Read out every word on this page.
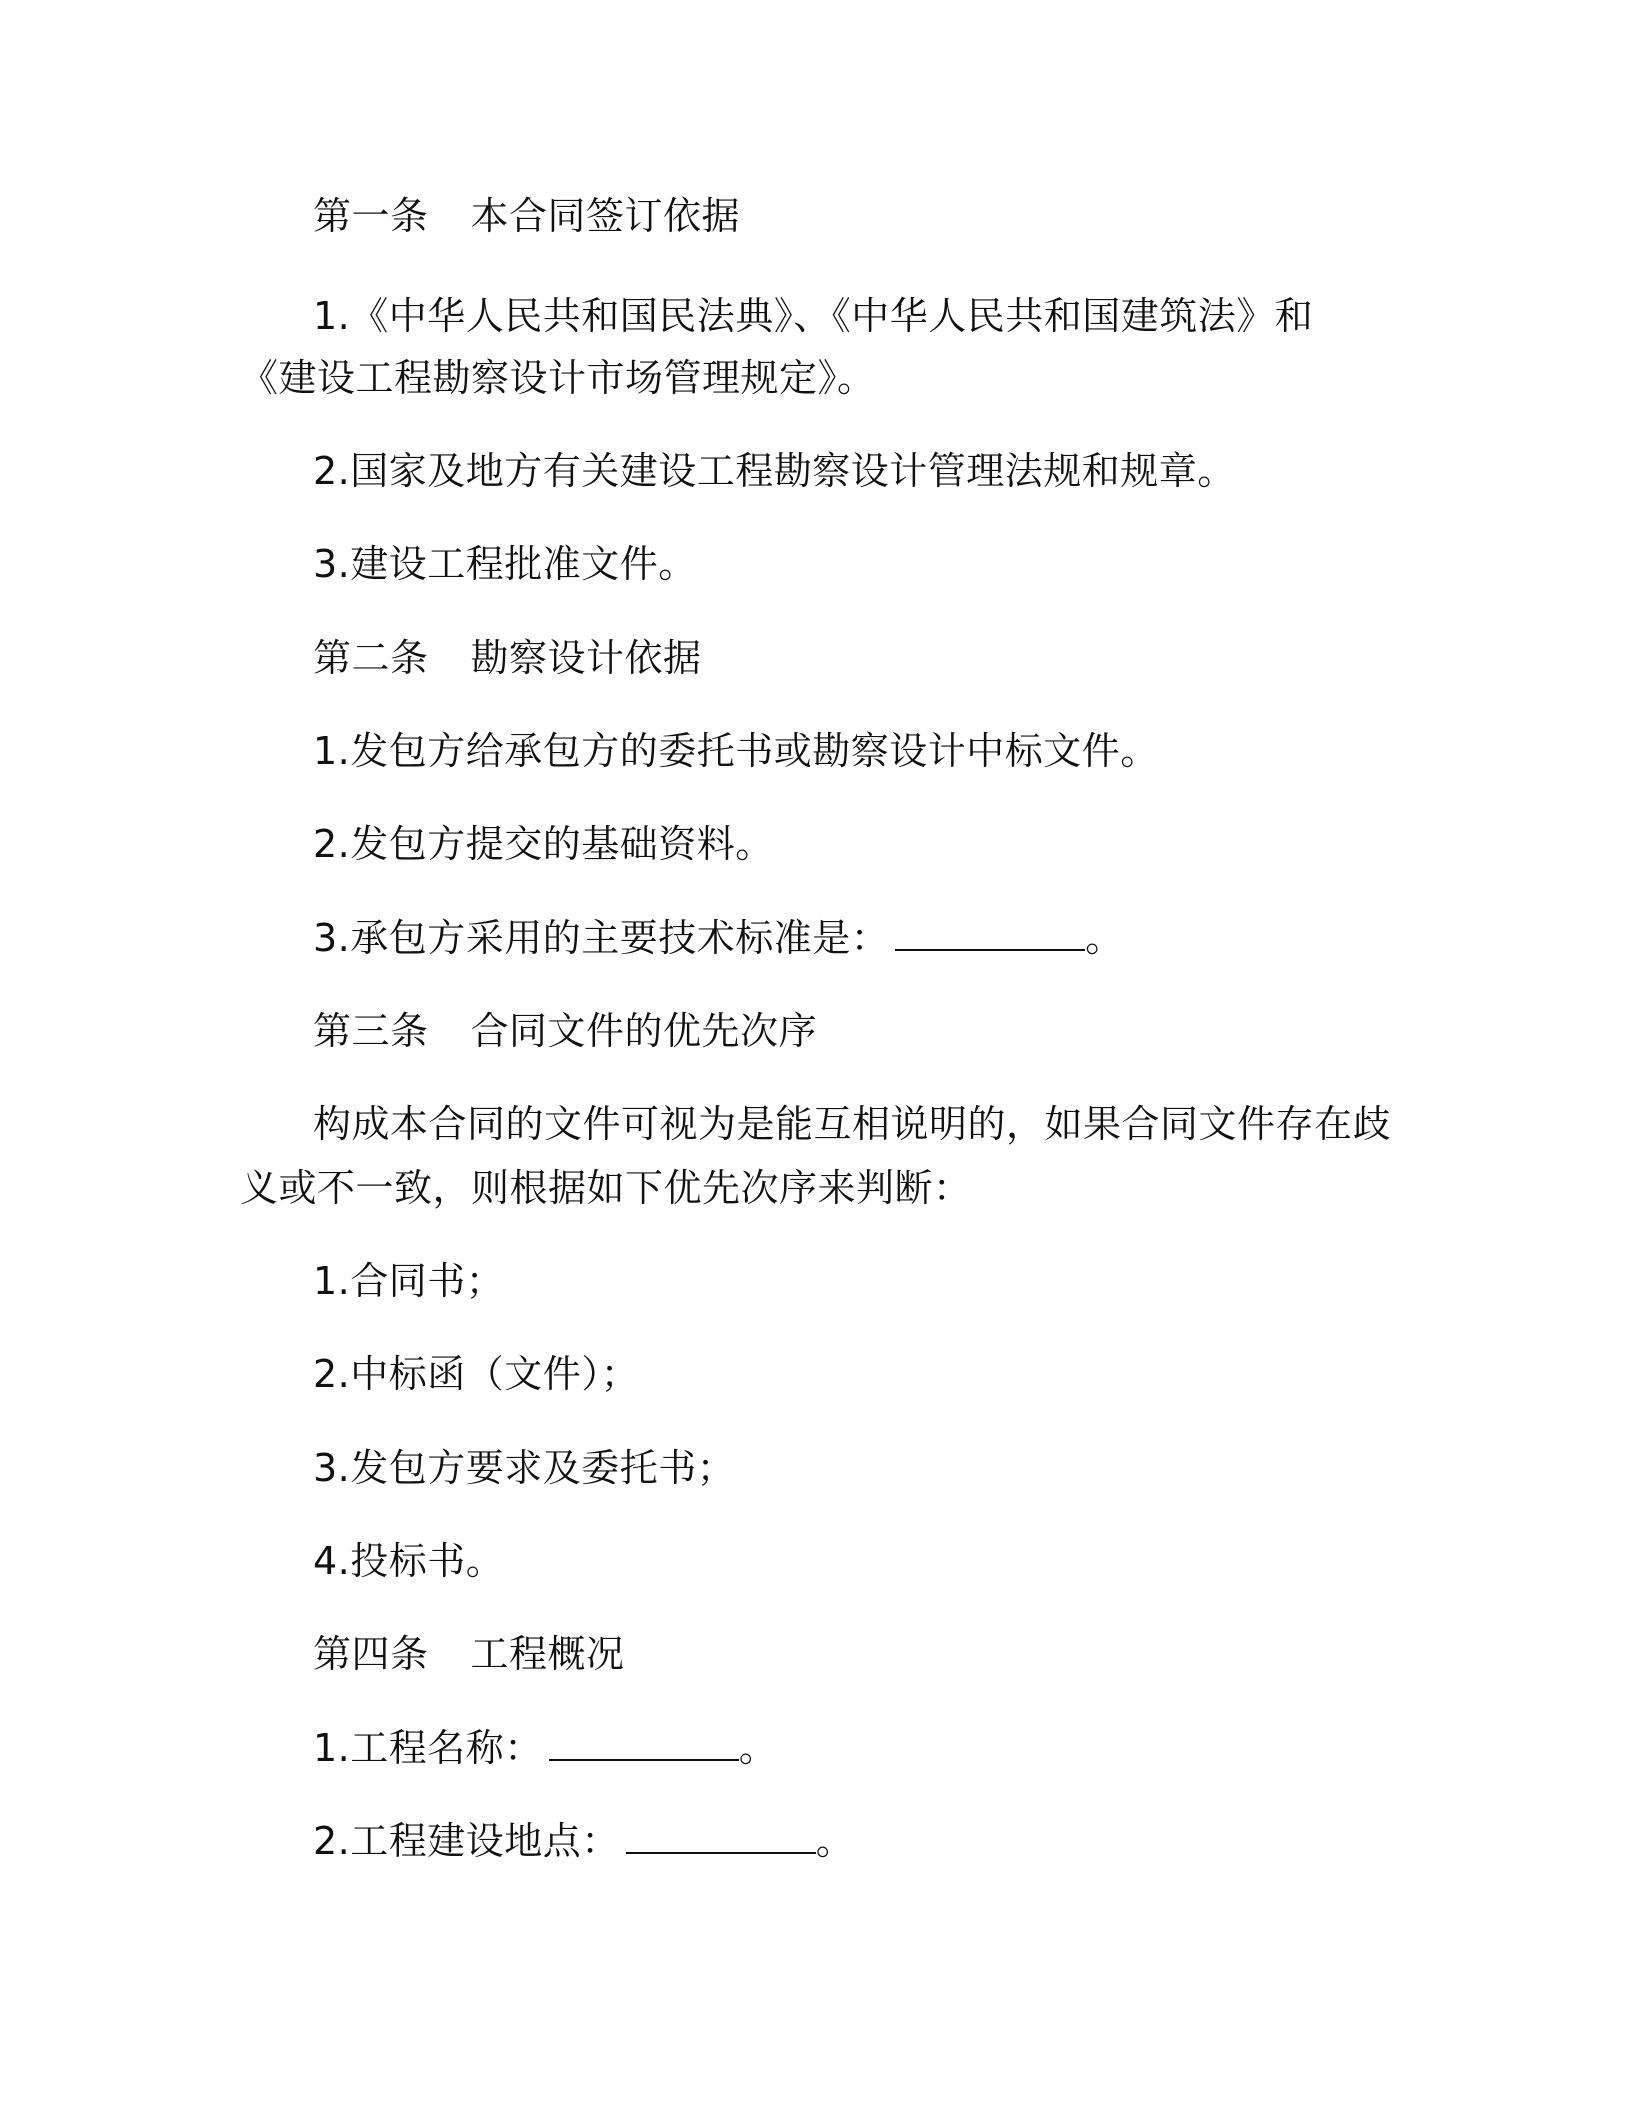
第一条 本合同签订依据
1.《中华人民共和国民法典》、《中华人民共和国建筑法》和
《建设工程勘察设计市场管理规定》。
2.国家及地方有关建设工程勘察设计管理法规和规章。
3.建设工程批准文件。
第二条 勘察设计依据
1.发包方给承包方的委托书或勘察设计中标文件。
2.发包方提交的基础资料。
3.承包方采用的主要技术标准是：	。
第三条 合同文件的优先次序
构成本合同的文件可视为是能互相说明的，如果合同文件存在歧
义或不一致，则根据如下优先次序来判断：
1.合同书；
2.中标函（文件）；
3.发包方要求及委托书；
4.投标书。
第四条 工程概况
1.工程名称：	。
2.工程建设地点：	。
